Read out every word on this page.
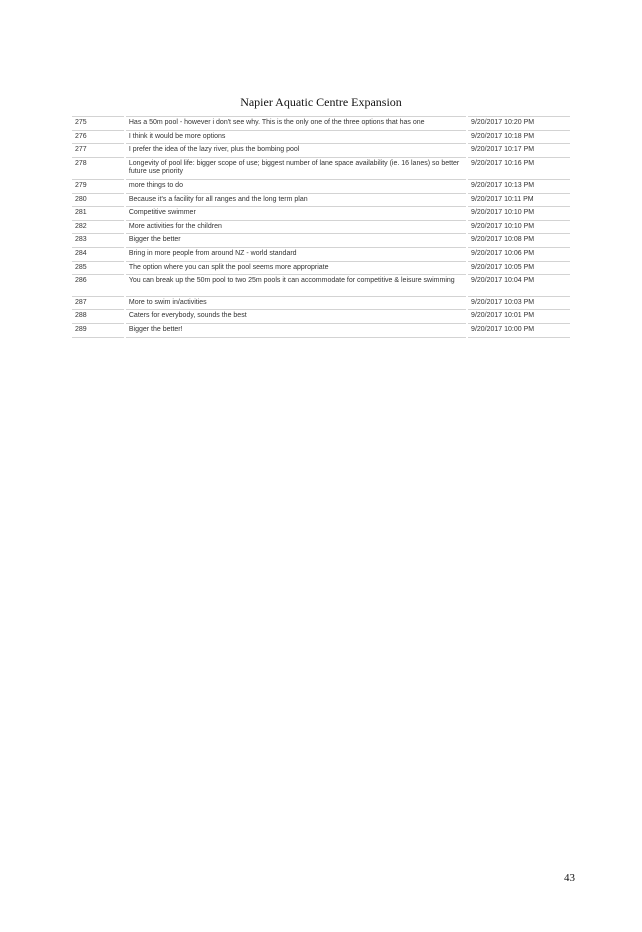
Napier Aquatic Centre Expansion
275		Has a 50m pool - however i don't see why. This is the only one of the three options that has one		9/20/2017 10:20 PM
276		I think it would be more options		9/20/2017 10:18 PM
277		I prefer the idea of the lazy river, plus the bombing pool		9/20/2017 10:17 PM
278		Longevity of pool life: bigger scope of use; biggest number of lane space availability (ie. 16 lanes) so better future use priority		9/20/2017 10:16 PM
279		more things to do		9/20/2017 10:13 PM
280		Because it's a facility for all ranges and the long term plan		9/20/2017 10:11 PM
281		Competitive swimmer		9/20/2017 10:10 PM
282		More activities for the children		9/20/2017 10:10 PM
283		Bigger the better		9/20/2017 10:08 PM
284		Bring in more people from around NZ - world standard		9/20/2017 10:06 PM
285		The option where you can split the pool seems more appropriate		9/20/2017 10:05 PM
286		You can break up the 50m pool to two 25m pools it can accommodate for competitive & leisure swimming		9/20/2017 10:04 PM
287		More to swim in/activities		9/20/2017 10:03 PM
288		Caters for everybody, sounds the best		9/20/2017 10:01 PM
289		Bigger the better!		9/20/2017 10:00 PM
43
